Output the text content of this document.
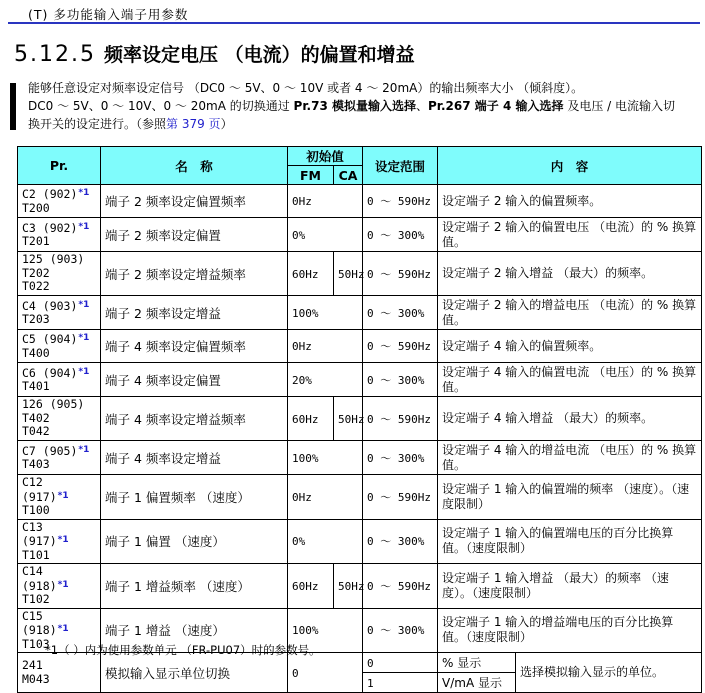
(T) 多功能输入端子用参数
5.12.5 频率设定电压 （电流）的偏置和增益

能够任意设定对频率设定信号 （DC0 ～ 5V、0 ～ 10V 或者 4 ～ 20mA）的输出频率大小 （倾斜度）。

DC0 ～ 5V、0 ～ 10V、0 ～ 20mA 的切换通过 Pr.73 模拟量输入选择、Pr.267 端子 4 输入选择 及电压 / 电流输入切换开关的设定进行。（参照第 379 页）

Pr.	名　称	初始值		设定范围	内　容	
		FM	CA			

C2 (902)$^{*1}$
T200	端子 2 频率设定偏置频率	0Hz		0 ～ 590Hz	设定端子 2 输入的偏置频率。	

C3 (902)$^{*1}$
T201	端子 2 频率设定偏置	0%		0 ～ 300%	设定端子 2 输入的偏置电压 （电流）的 % 换算值。	

125 (903)
T202
T022	端子 2 频率设定增益频率	60Hz	50Hz	0 ～ 590Hz	设定端子 2 输入增益 （最大）的频率。	

C4 (903)$^{*1}$
T203	端子 2 频率设定增益	100%		0 ～ 300%	设定端子 2 输入的增益电压 （电流）的 % 换算值。	

C5 (904)$^{*1}$
T400	端子 4 频率设定偏置频率	0Hz		0 ～ 590Hz	设定端子 4 输入的偏置频率。	

C6 (904)$^{*1}$
T401	端子 4 频率设定偏置	20%		0 ～ 300%	设定端子 4 输入的偏置电流 （电压）的 % 换算值。	

126 (905)
T402
T042	端子 4 频率设定增益频率	60Hz	50Hz	0 ～ 590Hz	设定端子 4 输入增益 （最大）的频率。	

C7 (905)$^{*1}$
T403	端子 4 频率设定增益	100%		0 ～ 300%	设定端子 4 输入的增益电流 （电压）的 % 换算值。	

C12 (917)$^{*1}$
T100	端子 1 偏置频率 （速度）	0Hz		0 ～ 590Hz	设定端子 1 输入的偏置端的频率 （速度）。（速度限制）	

C13 (917)$^{*1}$
T101	端子 1 偏置 （速度）	0%		0 ～ 300%	设定端子 1 输入的偏置端电压的百分比换算值。（速度限制）	

C14 (918)$^{*1}$
T102	端子 1 增益频率 （速度）	60Hz	50Hz	0 ～ 590Hz	设定端子 1 输入增益 （最大）的频率 （速度）。（速度限制）	

C15 (918)$^{*1}$
T103	端子 1 增益 （速度）	100%		0 ～ 300%	设定端子 1 输入的增益端电压的百分比换算值。（速度限制）	

241
M043	模拟输入显示单位切换	0		0	% 显示	选择模拟输入显示的单位。
				1	V/mA 显示	
*1（ ）内为使用参数单元 （FR-PU07）时的参数号。
